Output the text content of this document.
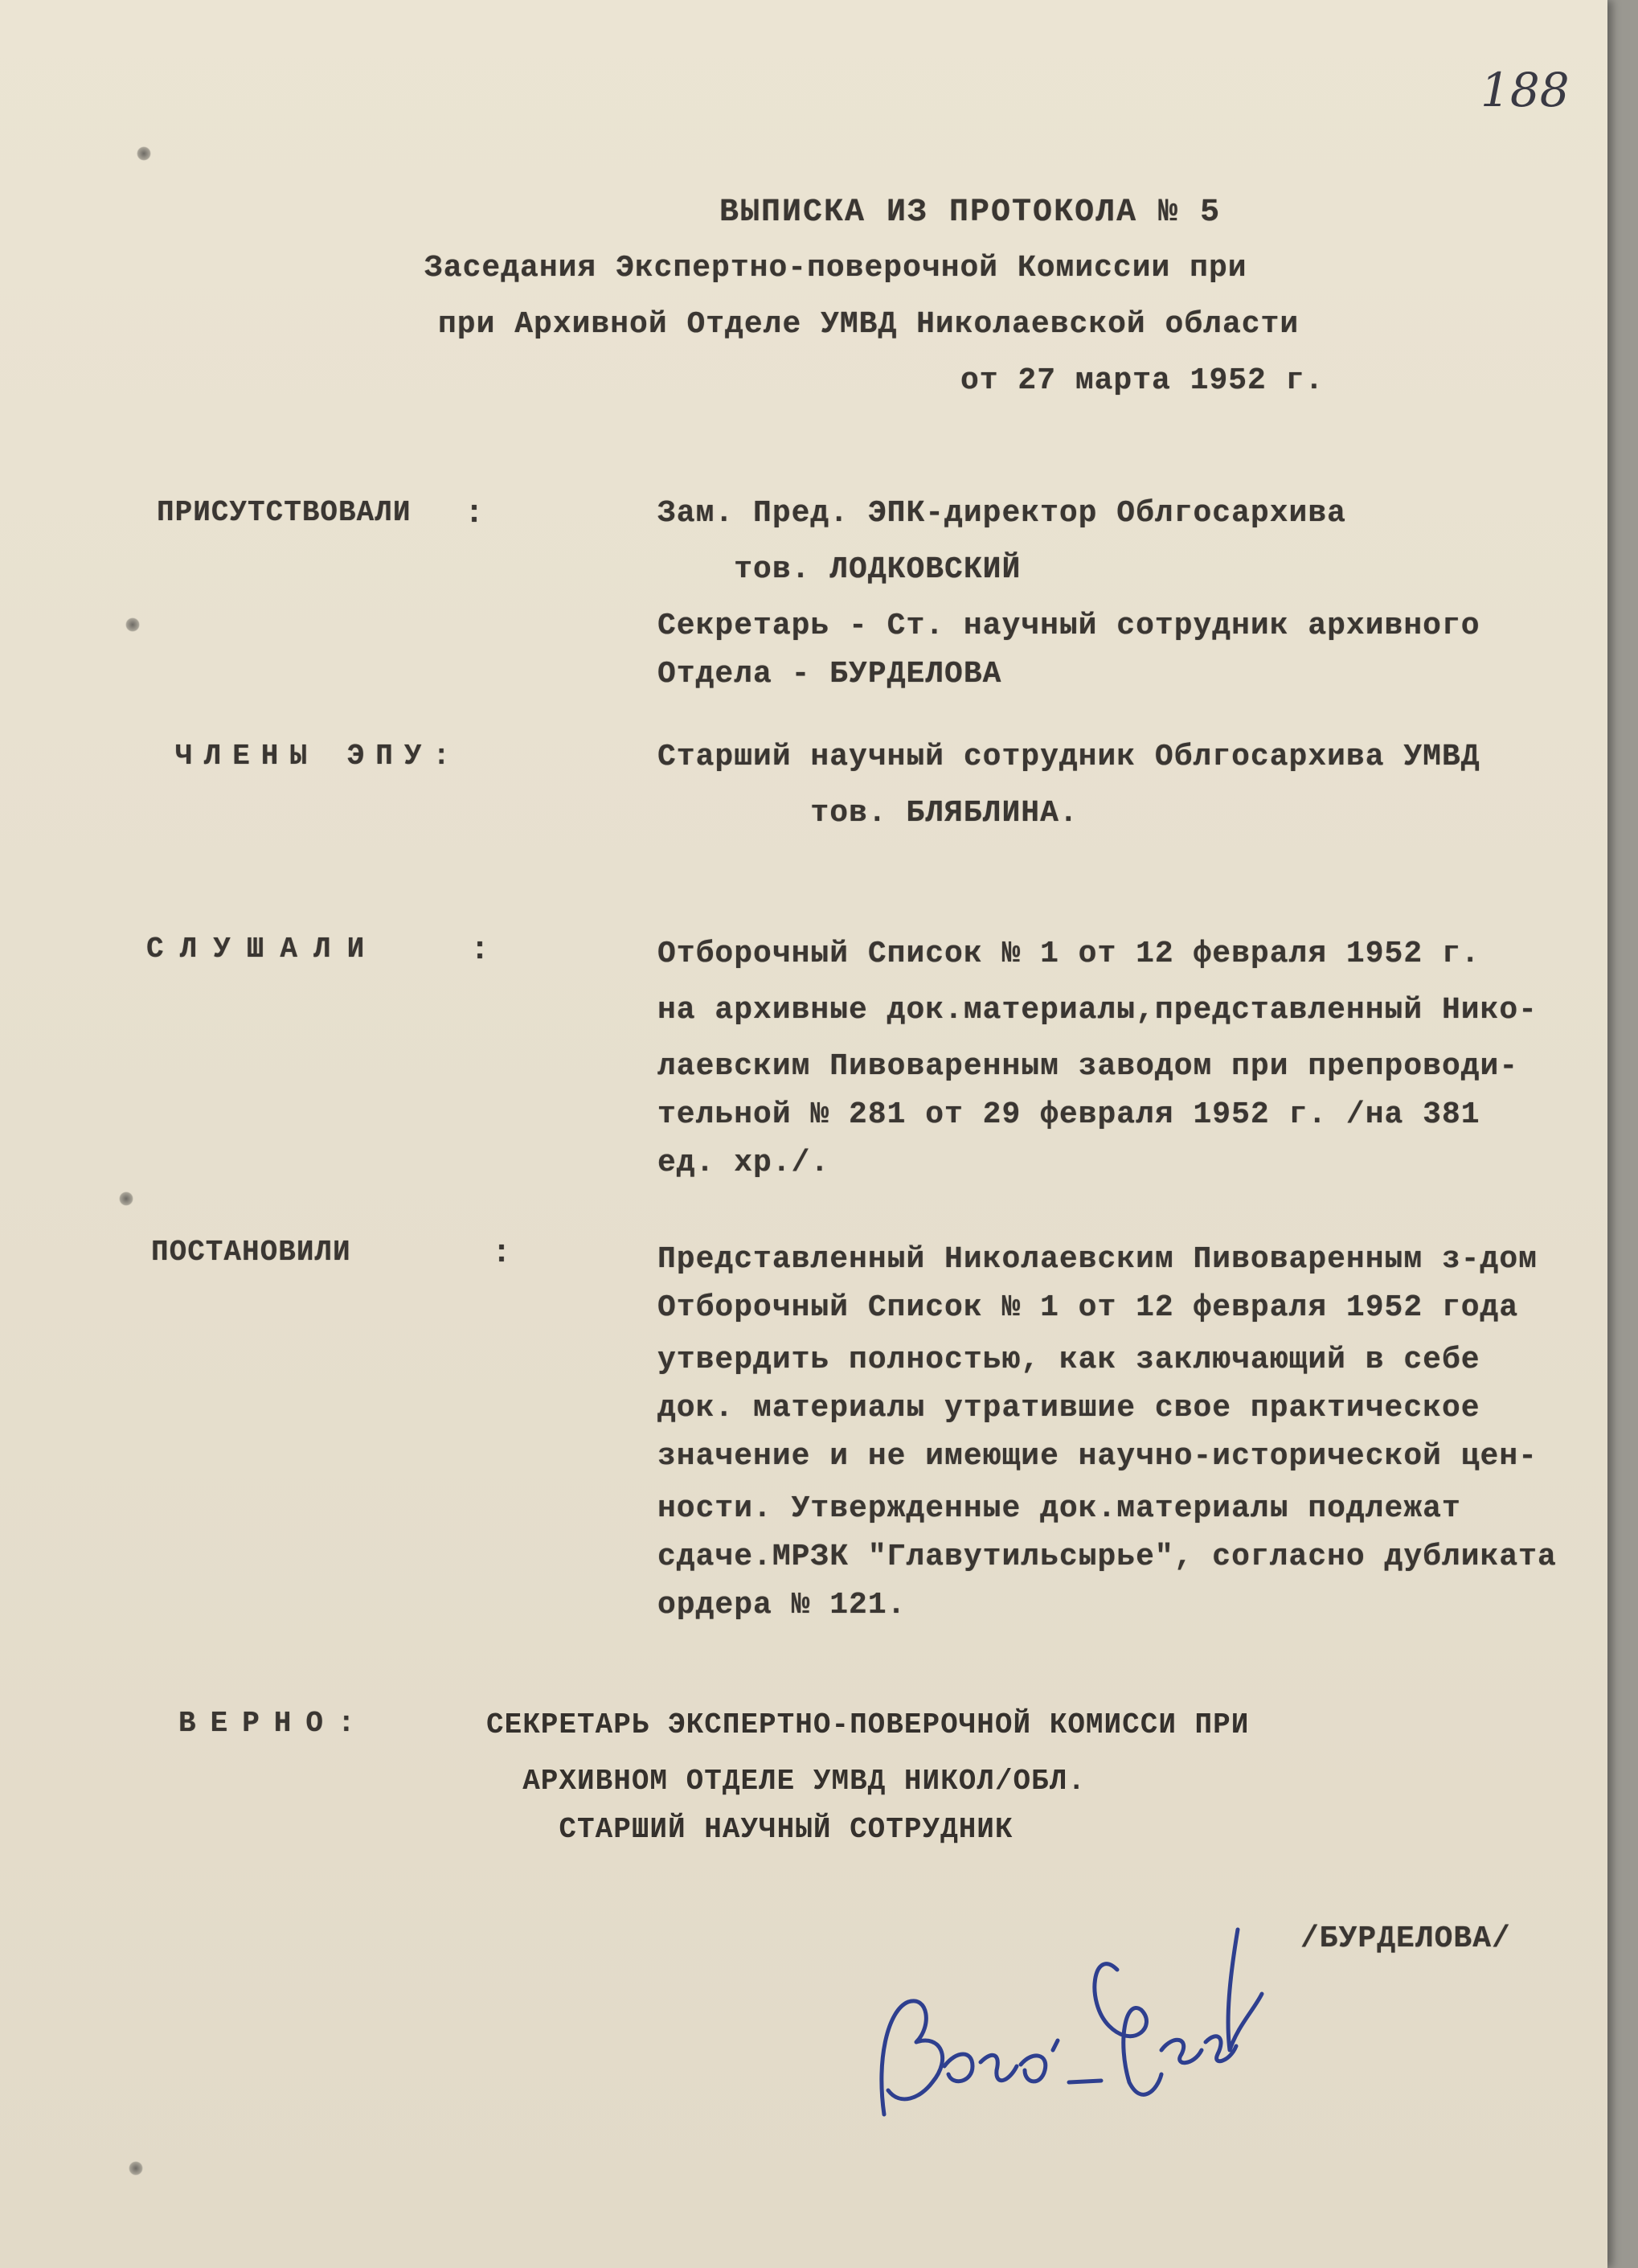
188
ВЫПИСКА ИЗ ПРОТОКОЛА № 5
Заседания Экспертно-поверочной Комиссии при
при Архивной Отделе УМВД Николаевской области
от 27 марта 1952 г.
ПРИСУТСТВОВАЛИ :	Зам. Пред. ЭПК-директор Облгосархива
тов. ЛОДКОВСКИЙ
Секретарь - Ст. научный сотрудник архивного
Отдела - БУРДЕЛОВА
ЧЛЕНЫ ЭПУ:	Старший научный сотрудник Облгосархива УМВД
тов. БЛЯБЛИНА.
СЛУШАЛИ	:	Отборочный Список № 1 от 12 февраля 1952 г.
на архивные док.материалы,представленный Нико-
лаевским Пивоваренным заводом при препроводи-
тельной № 281 от 29 февраля 1952 г. /на 381
ед. хр./.
ПОСТАНОВИЛИ	:	Представленный Николаевским Пивоваренным з-дом
Отборочный Список № 1 от 12 февраля 1952 года
утвердить полностью, как заключающий в себе
док. материалы утратившие свое практическое
значение и не имеющие научно-исторической цен-
ности. Утвержденные док.материалы подлежат
сдаче.МРЗК "Главутильсырье", согласно дубликата
ордера № 121.
ВЕРНО:	СЕКРЕТАРЬ ЭКСПЕРТНО-ПОВЕРОЧНОЙ КОМИССИ ПРИ
АРХИВНОМ ОТДЕЛЕ УМВД НИКОЛ/ОБЛ.
СТАРШИЙ НАУЧНЫЙ СОТРУДНИК
/БУРДЕЛОВА/
